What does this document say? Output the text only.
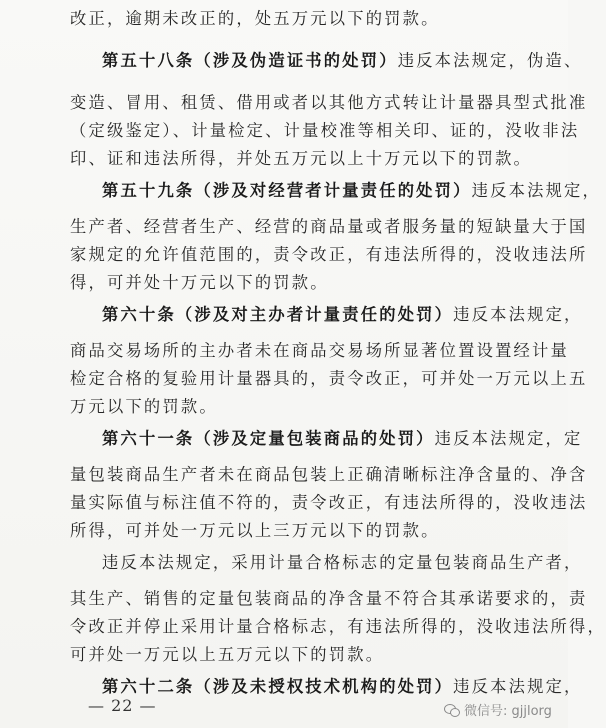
改正，逾期未改正的，处五万元以下的罚款。
第五十八条（涉及伪造证书的处罚）违反本法规定，伪造、
变造、冒用、租赁、借用或者以其他方式转让计量器具型式批准
（定级鉴定）、计量检定、计量校准等相关印、证的，没收非法
印、证和违法所得，并处五万元以上十万元以下的罚款。
第五十九条（涉及对经营者计量责任的处罚）违反本法规定，
生产者、经营者生产、经营的商品量或者服务量的短缺量大于国
家规定的允许值范围的，责令改正，有违法所得的，没收违法所
得，可并处十万元以下的罚款。
第六十条（涉及对主办者计量责任的处罚）违反本法规定，
商品交易场所的主办者未在商品交易场所显著位置设置经计量
检定合格的复验用计量器具的，责令改正，可并处一万元以上五
万元以下的罚款。
第六十一条（涉及定量包装商品的处罚）违反本法规定，定
量包装商品生产者未在商品包装上正确清晰标注净含量的、净含
量实际值与标注值不符的，责令改正，有违法所得的，没收违法
所得，可并处一万元以上三万元以下的罚款。
违反本法规定，采用计量合格标志的定量包装商品生产者，
其生产、销售的定量包装商品的净含量不符合其承诺要求的，责
令改正并停止采用计量合格标志，有违法所得的，没收违法所得，
可并处一万元以上五万元以下的罚款。
第六十二条（涉及未授权技术机构的处罚）违反本法规定，
— 22 —	微信号: gjjlorg
